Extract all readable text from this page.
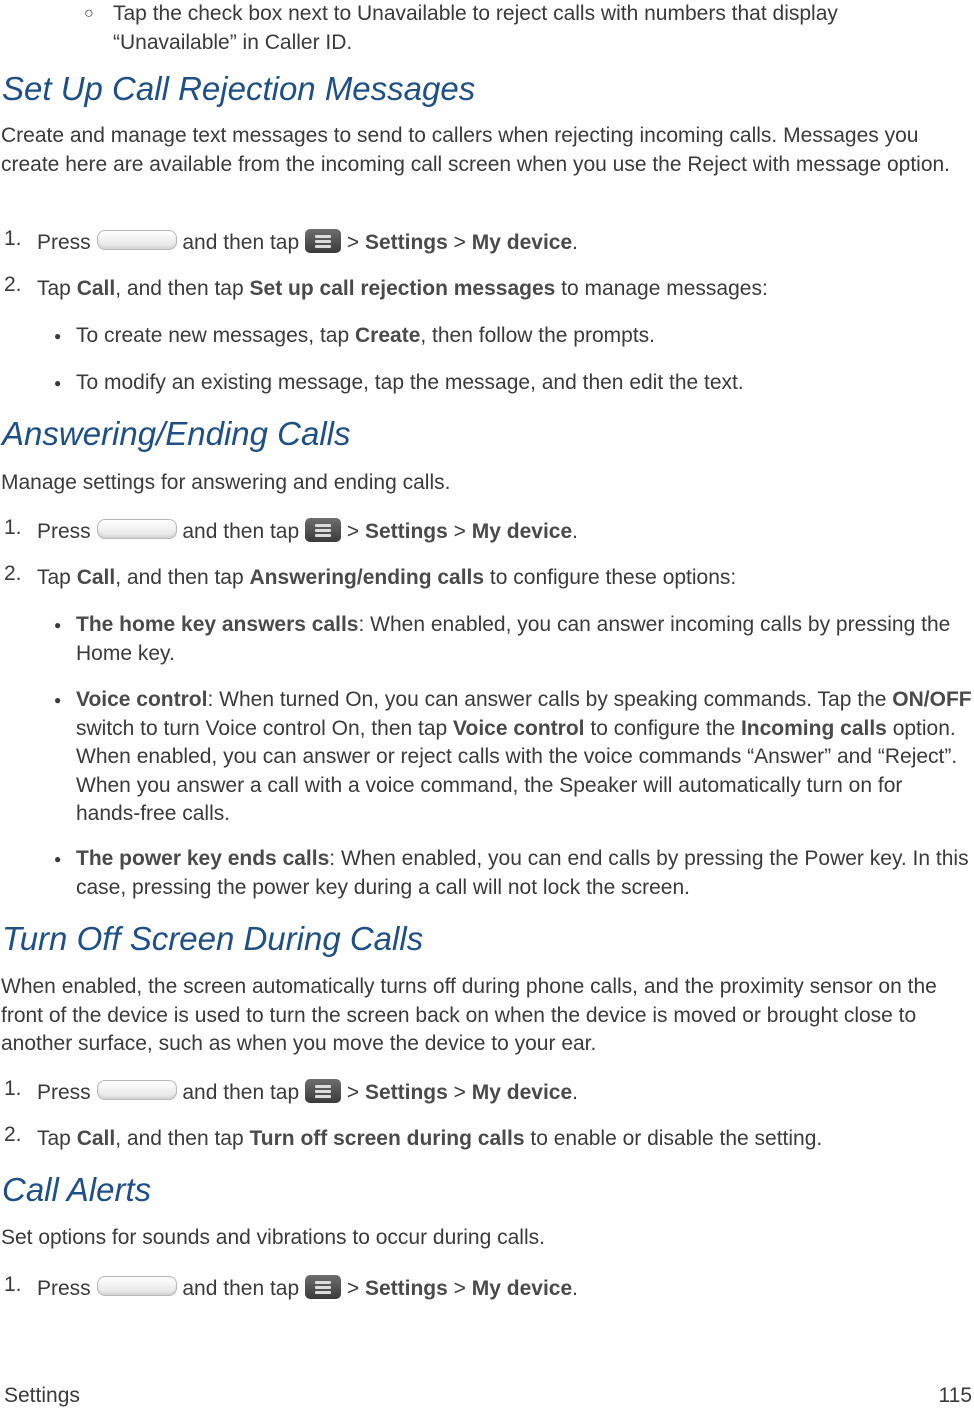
○ Tap the check box next to Unavailable to reject calls with numbers that display “Unavailable” in Caller ID.
Set Up Call Rejection Messages

Create and manage text messages to send to callers when rejecting incoming calls. Messages you create here are available from the incoming call screen when you use the Reject with message option.

1. Press	and then tap > Settings > My device.
2. Tap Call, and then tap Set up call rejection messages to manage messages:
● To create new messages, tap Create, then follow the prompts.
● To modify an existing message, tap the message, and then edit the text.
Answering/Ending Calls

Manage settings for answering and ending calls.

1. Press	and then tap > Settings > My device.
2. Tap Call, and then tap Answering/ending calls to configure these options:
● The home key answers calls: When enabled, you can answer incoming calls by pressing the Home key.
● Voice control: When turned On, you can answer calls by speaking commands. Tap the ON/OFF switch to turn Voice control On, then tap Voice control to configure the Incoming calls option. When enabled, you can answer or reject calls with the voice commands “Answer” and “Reject”. When you answer a call with a voice command, the Speaker will automatically turn on for hands-free calls.
● The power key ends calls: When enabled, you can end calls by pressing the Power key. In this case, pressing the power key during a call will not lock the screen.
Turn Off Screen During Calls

When enabled, the screen automatically turns off during phone calls, and the proximity sensor on the front of the device is used to turn the screen back on when the device is moved or brought close to another surface, such as when you move the device to your ear.

1. Press	and then tap > Settings > My device.
2. Tap Call, and then tap Turn off screen during calls to enable or disable the setting.
Call Alerts

Set options for sounds and vibrations to occur during calls.

1. Press	and then tap > Settings > My device.
Settings	115
